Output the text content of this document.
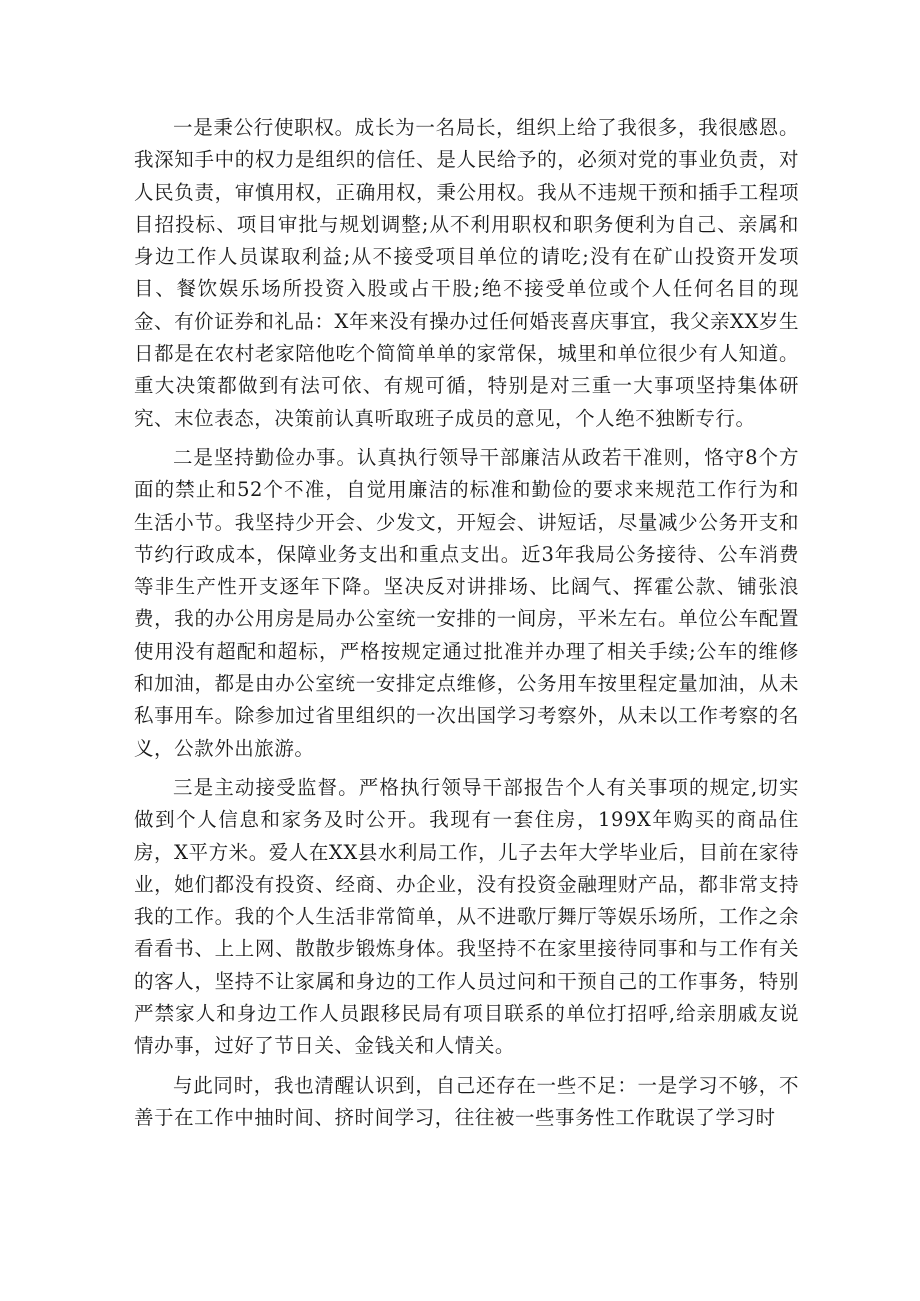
一是秉公行使职权。成长为一名局长，组织上给了我很多，我很感恩。我深知手中的权力是组织的信任、是人民给予的，必须对党的事业负责，对人民负责，审慎用权，正确用权，秉公用权。我从不违规干预和插手工程项目招投标、项目审批与规划调整;从不利用职权和职务便利为自己、亲属和身边工作人员谋取利益;从不接受项目单位的请吃;没有在矿山投资开发项目、餐饮娱乐场所投资入股或占干股;绝不接受单位或个人任何名目的现金、有价证券和礼品：X年来没有操办过任何婚丧喜庆事宜，我父亲XX岁生日都是在农村老家陪他吃个简简单单的家常保，城里和单位很少有人知道。重大决策都做到有法可依、有规可循，特别是对三重一大事项坚持集体研究、末位表态，决策前认真听取班子成员的意见，个人绝不独断专行。

二是坚持勤俭办事。认真执行领导干部廉洁从政若干准则，恪守8个方面的禁止和52个不准，自觉用廉洁的标准和勤俭的要求来规范工作行为和生活小节。我坚持少开会、少发文，开短会、讲短话，尽量减少公务开支和节约行政成本，保障业务支出和重点支出。近3年我局公务接待、公车消费等非生产性开支逐年下降。坚决反对讲排场、比阔气、挥霍公款、铺张浪费，我的办公用房是局办公室统一安排的一间房，平米左右。单位公车配置使用没有超配和超标，严格按规定通过批准并办理了相关手续;公车的维修和加油，都是由办公室统一安排定点维修，公务用车按里程定量加油，从未私事用车。除参加过省里组织的一次出国学习考察外，从未以工作考察的名义，公款外出旅游。

三是主动接受监督。严格执行领导干部报告个人有关事项的规定,切实做到个人信息和家务及时公开。我现有一套住房，199X年购买的商品住房，X平方米。爱人在XX县水利局工作，儿子去年大学毕业后，目前在家待业，她们都没有投资、经商、办企业，没有投资金融理财产品，都非常支持我的工作。我的个人生活非常简单，从不进歌厅舞厅等娱乐场所，工作之余看看书、上上网、散散步锻炼身体。我坚持不在家里接待同事和与工作有关的客人，坚持不让家属和身边的工作人员过问和干预自己的工作事务，特别严禁家人和身边工作人员跟移民局有项目联系的单位打招呼,给亲朋戚友说情办事，过好了节日关、金钱关和人情关。

与此同时，我也清醒认识到，自己还存在一些不足：一是学习不够，不善于在工作中抽时间、挤时间学习，往往被一些事务性工作耽误了学习时
